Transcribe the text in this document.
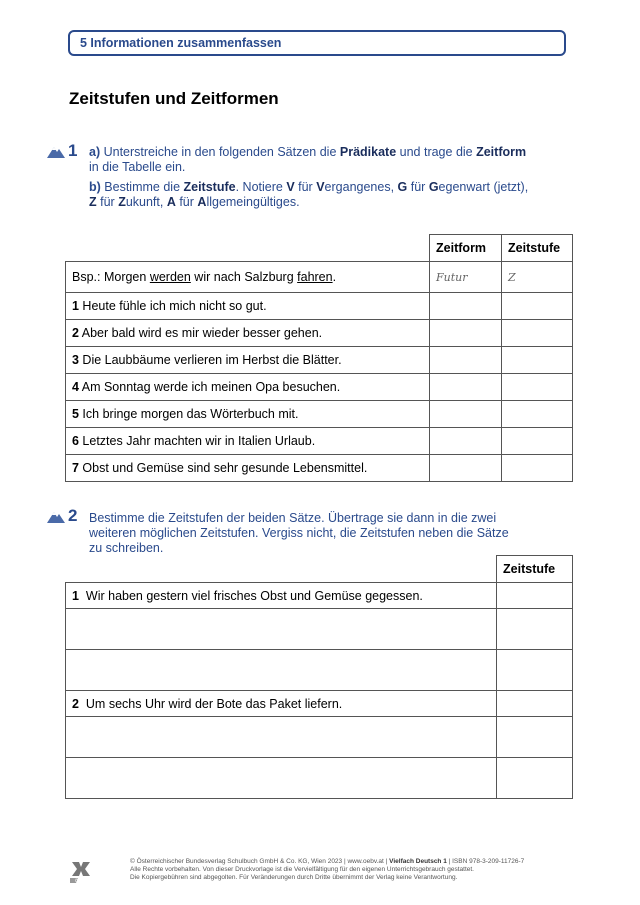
5 Informationen zusammenfassen
Zeitstufen und Zeitformen
1 a) Unterstreiche in den folgenden Sätzen die Prädikate und trage die Zeitform
in die Tabelle ein.
b) Bestimme die Zeitstufe. Notiere V für Vergangenes, G für Gegenwart (jetzt),
Z für Zukunft, A für Allgemeingültiges.
	Zeitform	Zeitstufe
Bsp.: Morgen werden wir nach Salzburg fahren.	Futur	Z
1 Heute fühle ich mich nicht so gut.		
2 Aber bald wird es mir wieder besser gehen.		
3 Die Laubbäume verlieren im Herbst die Blätter.		
4 Am Sonntag werde ich meinen Opa besuchen.		
5 Ich bringe morgen das Wörterbuch mit.		
6 Letztes Jahr machten wir in Italien Urlaub.		
7 Obst und Gemüse sind sehr gesunde Lebensmittel.		
2 Bestimme die Zeitstufen der beiden Sätze. Übertrage sie dann in die zwei
weiteren möglichen Zeitstufen. Vergiss nicht, die Zeitstufen neben die Sätze
zu schreiben.
	Zeitstufe
1 Wir haben gestern viel frisches Obst und Gemüse gegessen.	

2 Um sechs Uhr wird der Bote das Paket liefern.	

öbv
© Österreichischer Bundesverlag Schulbuch GmbH & Co. KG, Wien 2023 | www.oebv.at | Vielfach Deutsch 1 | ISBN 978-3-209-11726-7
Alle Rechte vorbehalten. Von dieser Druckvorlage ist die Vervielfältigung für den eigenen Unterrichtsgebrauch gestattet.
Die Kopiergebühren sind abgegolten. Für Veränderungen durch Dritte übernimmt der Verlag keine Verantwortung.
